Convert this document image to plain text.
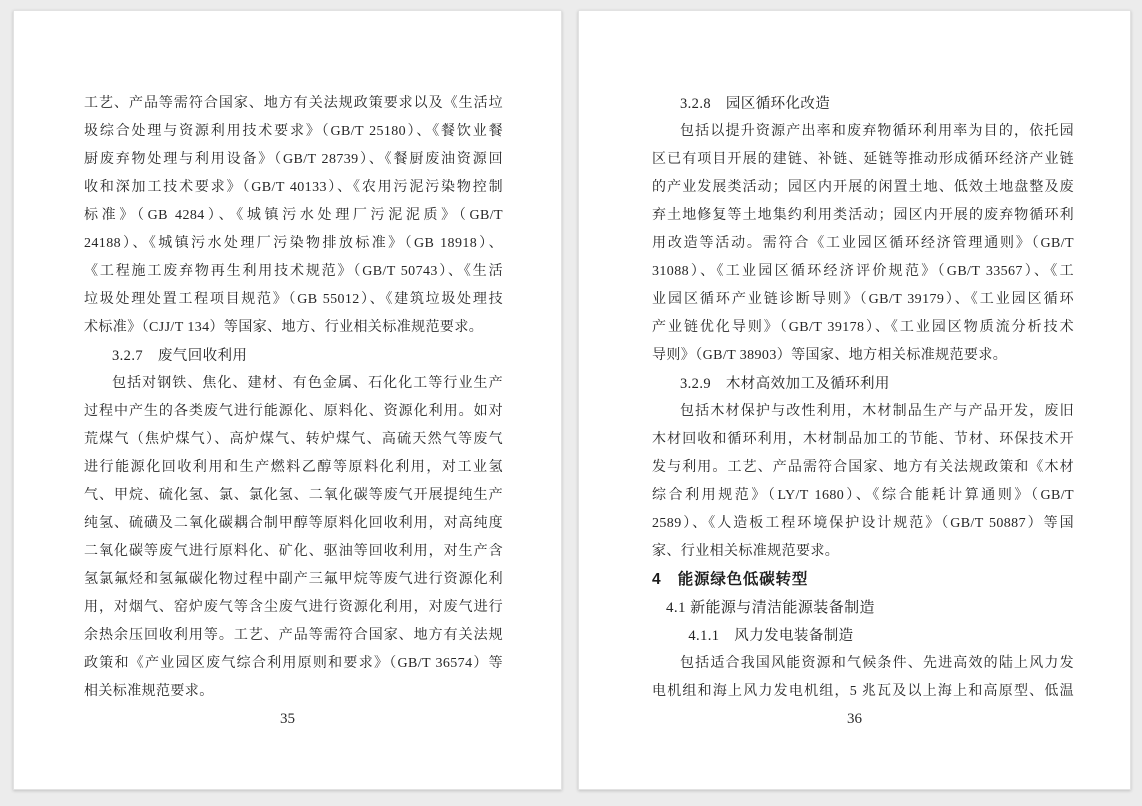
工艺、产品等需符合国家、地方有关法规政策要求以及《生活垃
圾综合处理与资源利用技术要求》（GB/T 25180）、《餐饮业餐
厨废弃物处理与利用设备》（GB/T 28739）、《餐厨废油资源回
收和深加工技术要求》（GB/T 40133）、《农用污泥污染物控制
标准》（GB 4284）、《城镇污水处理厂污泥泥质》（GB/T
24188）、《城镇污水处理厂污染物排放标准》（GB 18918）、
《工程施工废弃物再生利用技术规范》（GB/T 50743）、《生活
垃圾处理处置工程项目规范》（GB 55012）、《建筑垃圾处理技
术标准》（CJJ/T 134）等国家、地方、行业相关标准规范要求。
3.2.7　废气回收利用
包括对钢铁、焦化、建材、有色金属、石化化工等行业生产
过程中产生的各类废气进行能源化、原料化、资源化利用。如对
荒煤气（焦炉煤气）、高炉煤气、转炉煤气、高硫天然气等废气
进行能源化回收利用和生产燃料乙醇等原料化利用，对工业氢
气、甲烷、硫化氢、氯、氯化氢、二氧化碳等废气开展提纯生产
纯氢、硫磺及二氧化碳耦合制甲醇等原料化回收利用，对高纯度
二氧化碳等废气进行原料化、矿化、驱油等回收利用，对生产含
氢氯氟烃和氢氟碳化物过程中副产三氟甲烷等废气进行资源化利
用，对烟气、窑炉废气等含尘废气进行资源化利用，对废气进行
余热余压回收利用等。工艺、产品等需符合国家、地方有关法规
政策和《产业园区废气综合利用原则和要求》（GB/T 36574）等
相关标准规范要求。
35
3.2.8　园区循环化改造
包括以提升资源产出率和废弃物循环利用率为目的，依托园
区已有项目开展的建链、补链、延链等推动形成循环经济产业链
的产业发展类活动；园区内开展的闲置土地、低效土地盘整及废
弃土地修复等土地集约利用类活动；园区内开展的废弃物循环利
用改造等活动。需符合《工业园区循环经济管理通则》（GB/T
31088）、《工业园区循环经济评价规范》（GB/T 33567）、《工
业园区循环产业链诊断导则》（GB/T 39179）、《工业园区循环
产业链优化导则》（GB/T 39178）、《工业园区物质流分析技术
导则》（GB/T 38903）等国家、地方相关标准规范要求。
3.2.9　木材高效加工及循环利用
包括木材保护与改性利用，木材制品生产与产品开发，废旧
木材回收和循环利用，木材制品加工的节能、节材、环保技术开
发与利用。工艺、产品需符合国家、地方有关法规政策和《木材
综合利用规范》（LY/T 1680）、《综合能耗计算通则》（GB/T
2589）、《人造板工程环境保护设计规范》（GB/T 50887）等国
家、行业相关标准规范要求。
4　能源绿色低碳转型
4.1 新能源与清洁能源装备制造
4.1.1　风力发电装备制造
包括适合我国风能资源和气候条件、先进高效的陆上风力发
电机组和海上风力发电机组，5 兆瓦及以上海上和高原型、低温
36
